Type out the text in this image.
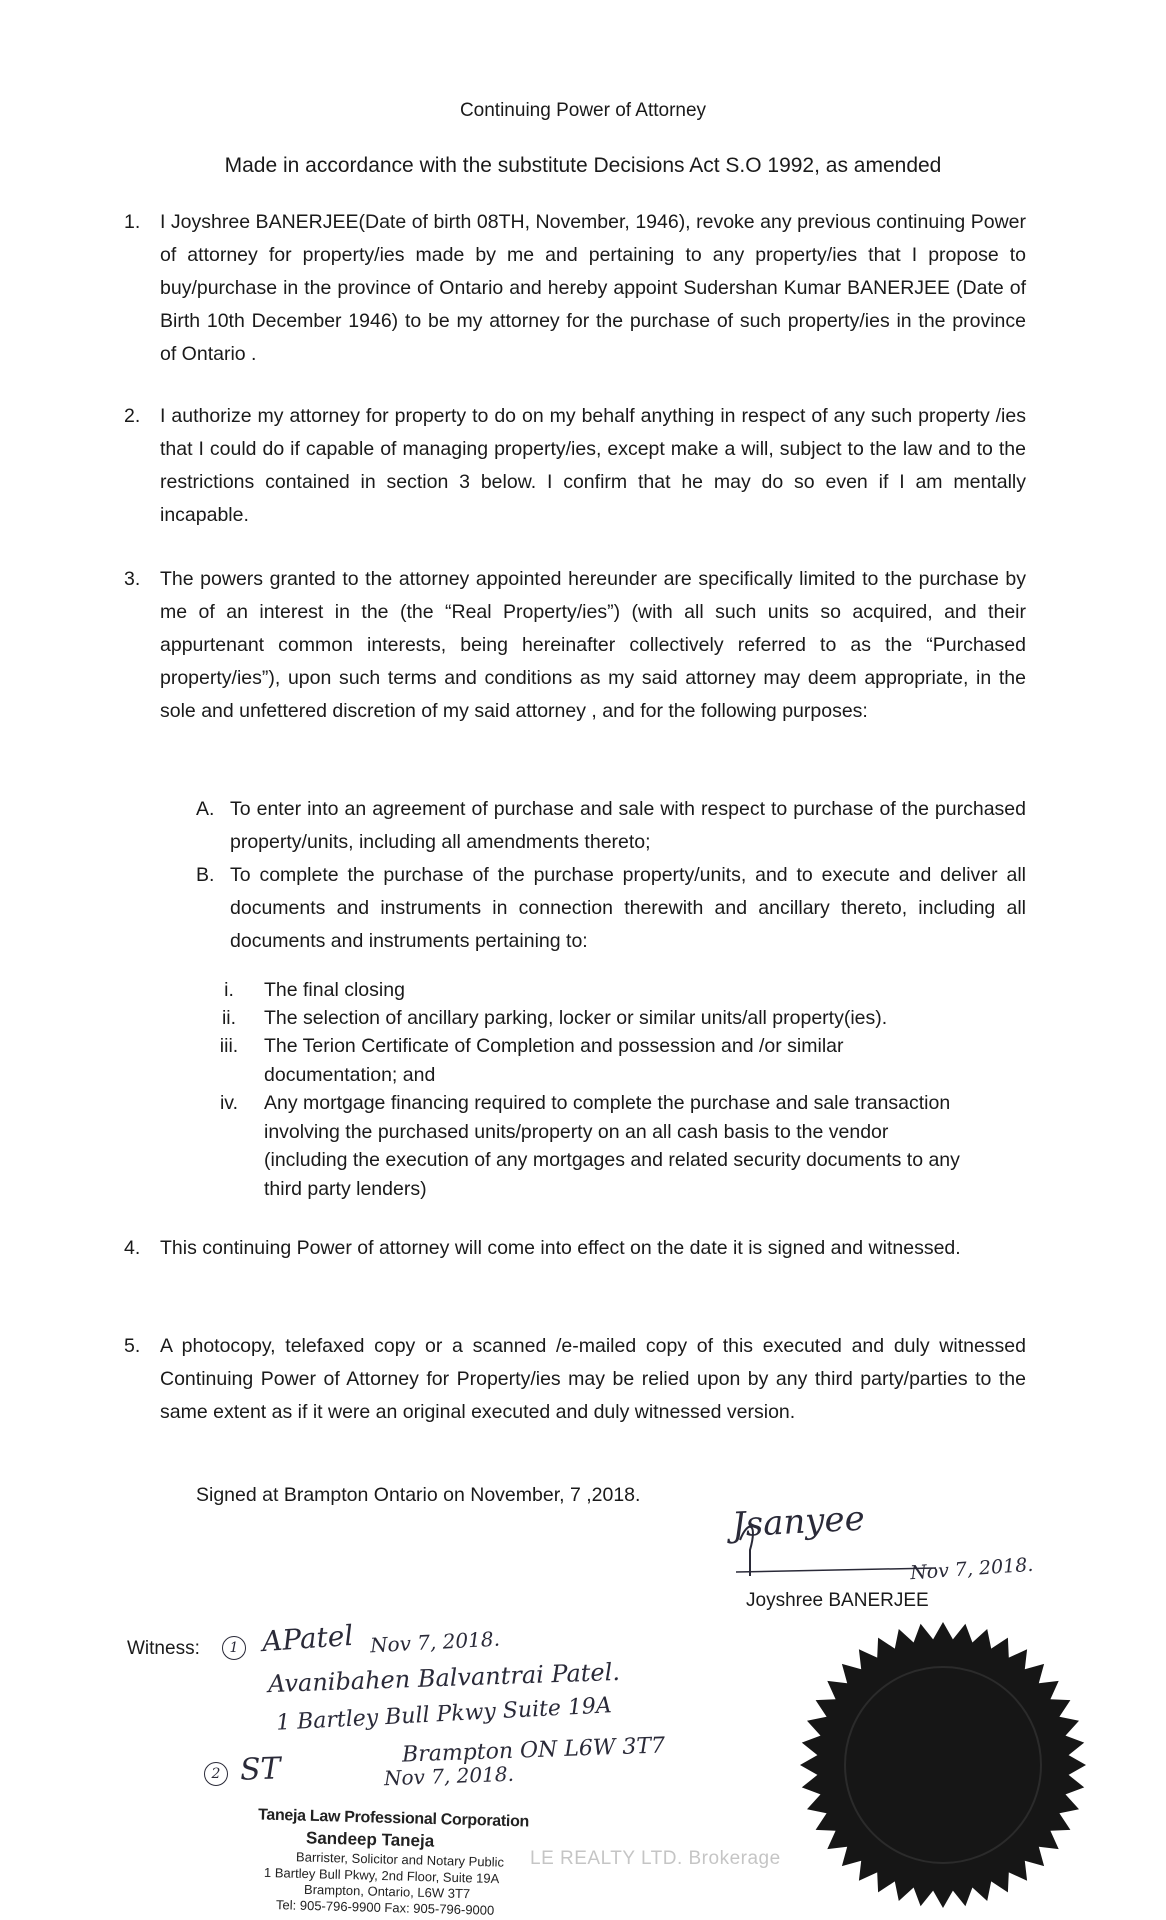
Continuing Power of Attorney
Made in accordance with the substitute Decisions Act S.O 1992, as amended
1. I Joyshree BANERJEE(Date of birth 08TH, November, 1946), revoke any previous continuing Power of attorney for property/ies made by me and pertaining to any property/ies that I propose to buy/purchase in the province of Ontario and hereby appoint Sudershan Kumar BANERJEE (Date of Birth 10th December 1946) to be my attorney for the purchase of such property/ies in the province of Ontario .
2. I authorize my attorney for property to do on my behalf anything in respect of any such property /ies that I could do if capable of managing property/ies, except make a will, subject to the law and to the restrictions contained in section 3 below. I confirm that he may do so even if I am mentally incapable.
3. The powers granted to the attorney appointed hereunder are specifically limited to the purchase by me of an interest in the (the “Real Property/ies”) (with all such units so acquired, and their appurtenant common interests, being hereinafter collectively referred to as the “Purchased property/ies”), upon such terms and conditions as my said attorney may deem appropriate, in the sole and unfettered discretion of my said attorney , and for the following purposes:
A. To enter into an agreement of purchase and sale with respect to purchase of the purchased property/units, including all amendments thereto;
B. To complete the purchase of the purchase property/units, and to execute and deliver all documents and instruments in connection therewith and ancillary thereto, including all documents and instruments pertaining to:
i.	The final closing
ii.	The selection of ancillary parking, locker or similar units/all property(ies).
iii.	The Terion Certificate of Completion and possession and /or similar
documentation; and
iv.	Any mortgage financing required to complete the purchase and sale transaction
involving the purchased units/property on an all cash basis to the vendor
(including the execution of any mortgages and related security documents to any
third party lenders)
4. This continuing Power of attorney will come into effect on the date it is signed and witnessed.
5. A photocopy, telefaxed copy or a scanned /e-mailed copy of this executed and duly witnessed Continuing Power of Attorney for Property/ies may be relied upon by any third party/parties to the same extent as if it were an original executed and duly witnessed version.
Signed at Brampton Ontario on November, 7 ,2018.
Jsanyee
Nov 7, 2018.
Joyshree BANERJEE
Witness:	1 APatel Nov 7, 2018.
Avanibahen Balvantrai Patel.
1 Bartley Bull Pkwy Suite 19A
Brampton ON L6W 3T7
2 ST	Nov 7, 2018.
Taneja Law Professional Corporation
Sandeep Taneja
Barrister, Solicitor and Notary Public
1 Bartley Bull Pkwy, 2nd Floor, Suite 19A
Brampton, Ontario, L6W 3T7
Tel: 905-796-9900 Fax: 905-796-9000
LE REALTY LTD. Brokerage
